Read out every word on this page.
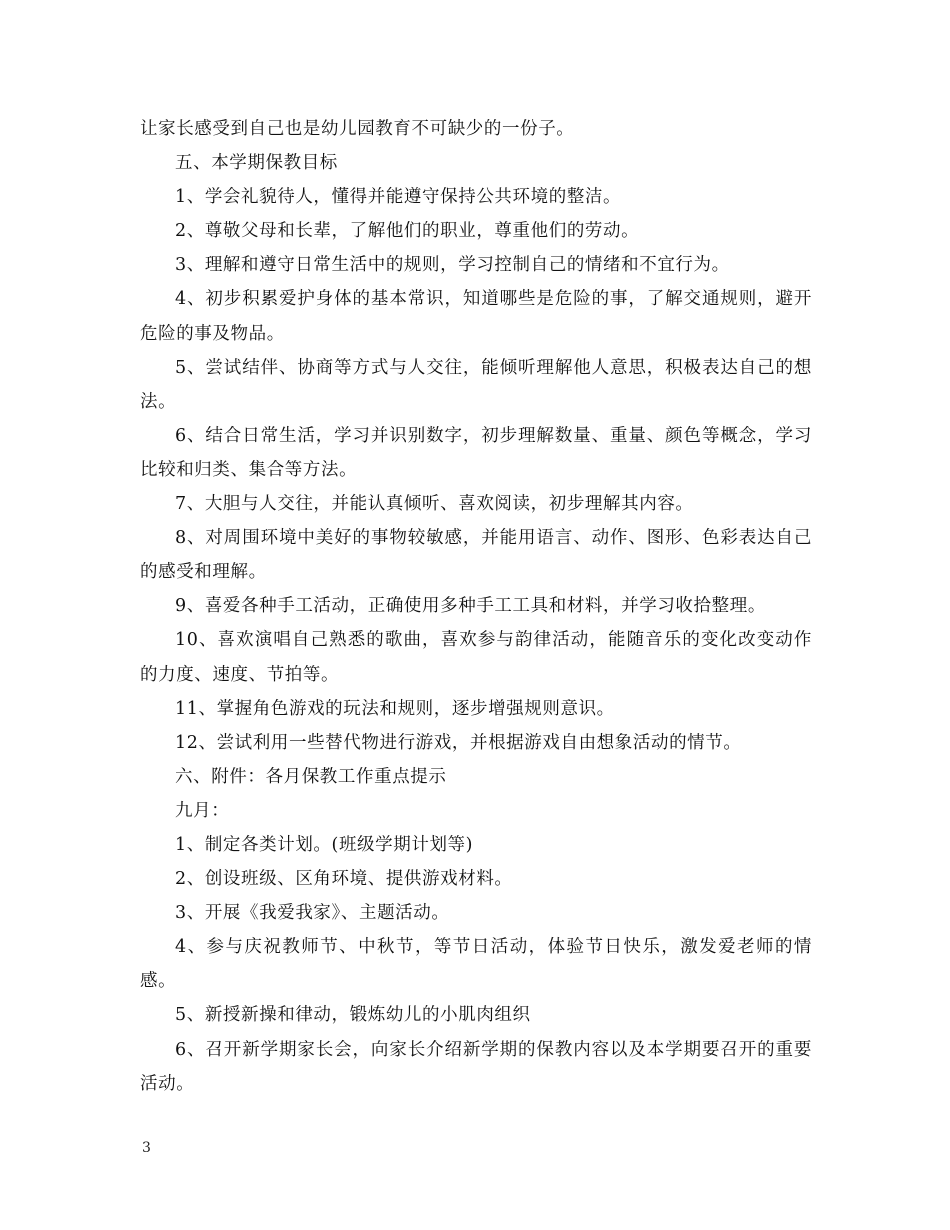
让家长感受到自己也是幼儿园教育不可缺少的一份子。

五、本学期保教目标

1、学会礼貌待人，懂得并能遵守保持公共环境的整洁。

2、尊敬父母和长辈，了解他们的职业，尊重他们的劳动。

3、理解和遵守日常生活中的规则，学习控制自己的情绪和不宜行为。

4、初步积累爱护身体的基本常识，知道哪些是危险的事，了解交通规则，避开危险的事及物品。

5、尝试结伴、协商等方式与人交往，能倾听理解他人意思，积极表达自己的想法。

6、结合日常生活，学习并识别数字，初步理解数量、重量、颜色等概念，学习比较和归类、集合等方法。

7、大胆与人交往，并能认真倾听、喜欢阅读，初步理解其内容。

8、对周围环境中美好的事物较敏感，并能用语言、动作、图形、色彩表达自己的感受和理解。

9、喜爱各种手工活动，正确使用多种手工工具和材料，并学习收拾整理。

10、喜欢演唱自己熟悉的歌曲，喜欢参与韵律活动，能随音乐的变化改变动作的力度、速度、节拍等。

11、掌握角色游戏的玩法和规则，逐步增强规则意识。

12、尝试利用一些替代物进行游戏，并根据游戏自由想象活动的情节。

六、附件：各月保教工作重点提示

九月：

1、制定各类计划。(班级学期计划等)

2、创设班级、区角环境、提供游戏材料。

3、开展《我爱我家》、主题活动。

4、参与庆祝教师节、中秋节，等节日活动，体验节日快乐，激发爱老师的情感。

5、新授新操和律动，锻炼幼儿的小肌肉组织

6、召开新学期家长会，向家长介绍新学期的保教内容以及本学期要召开的重要活动。

3
